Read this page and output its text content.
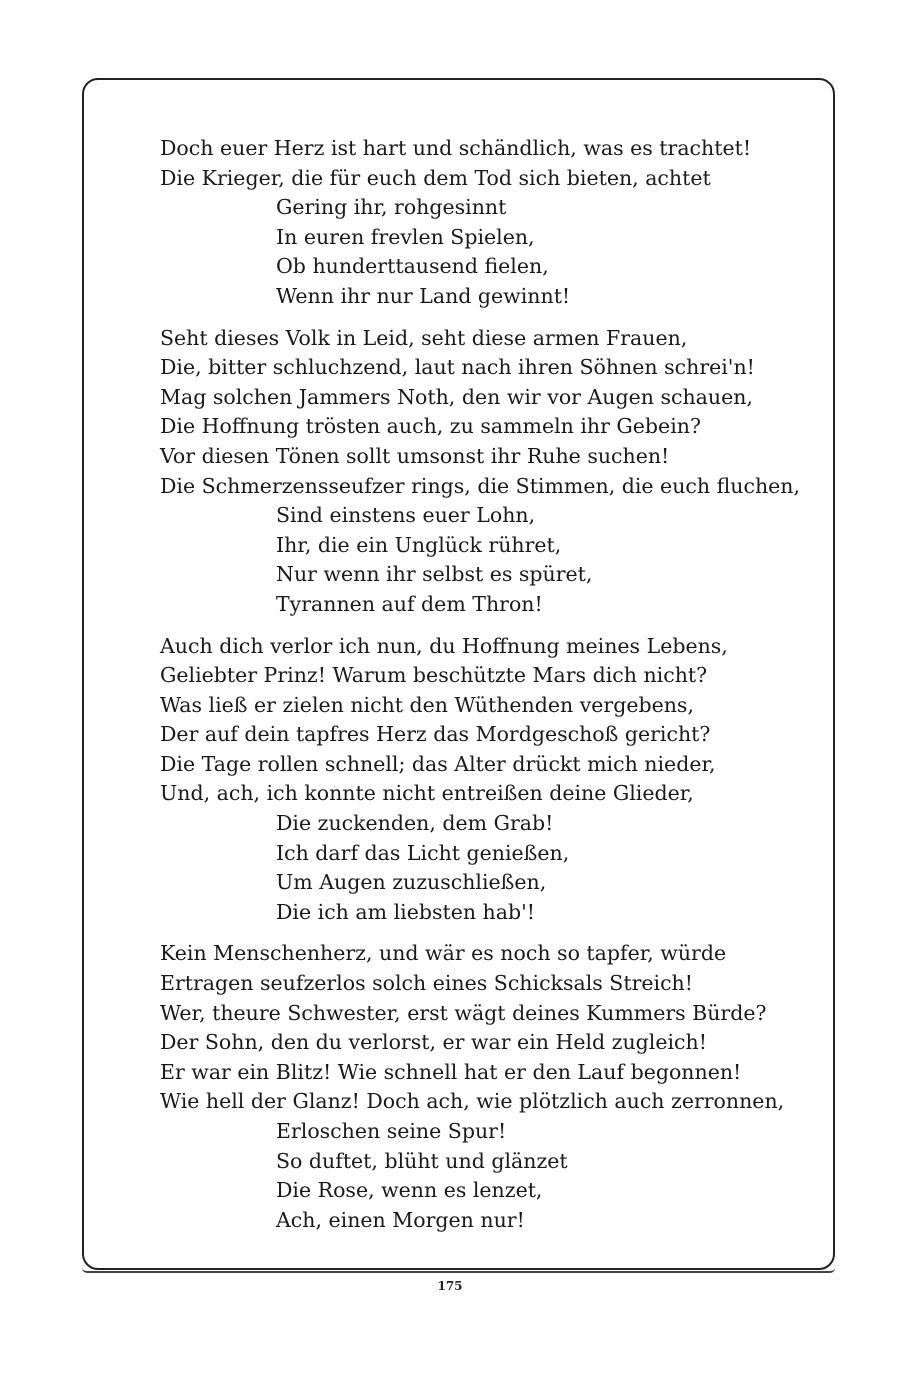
Doch euer Herz ist hart und schändlich, was es trachtet!
Die Krieger, die für euch dem Tod sich bieten, achtet
Gering ihr, rohgesinnt
In euren frevlen Spielen,
Ob hunderttausend fielen,
Wenn ihr nur Land gewinnt!
Seht dieses Volk in Leid, seht diese armen Frauen,
Die, bitter schluchzend, laut nach ihren Söhnen schrei'n!
Mag solchen Jammers Noth, den wir vor Augen schauen,
Die Hoffnung trösten auch, zu sammeln ihr Gebein?
Vor diesen Tönen sollt umsonst ihr Ruhe suchen!
Die Schmerzensseufzer rings, die Stimmen, die euch fluchen,
Sind einstens euer Lohn,
Ihr, die ein Unglück rühret,
Nur wenn ihr selbst es spüret,
Tyrannen auf dem Thron!
Auch dich verlor ich nun, du Hoffnung meines Lebens,
Geliebter Prinz! Warum beschützte Mars dich nicht?
Was ließ er zielen nicht den Wüthenden vergebens,
Der auf dein tapfres Herz das Mordgeschoß gericht?
Die Tage rollen schnell; das Alter drückt mich nieder,
Und, ach, ich konnte nicht entreißen deine Glieder,
Die zuckenden, dem Grab!
Ich darf das Licht genießen,
Um Augen zuzuschließen,
Die ich am liebsten hab'!
Kein Menschenherz, und wär es noch so tapfer, würde
Ertragen seufzerlos solch eines Schicksals Streich!
Wer, theure Schwester, erst wägt deines Kummers Bürde?
Der Sohn, den du verlorst, er war ein Held zugleich!
Er war ein Blitz! Wie schnell hat er den Lauf begonnen!
Wie hell der Glanz! Doch ach, wie plötzlich auch zerronnen,
Erloschen seine Spur!
So duftet, blüht und glänzet
Die Rose, wenn es lenzet,
Ach, einen Morgen nur!
175
